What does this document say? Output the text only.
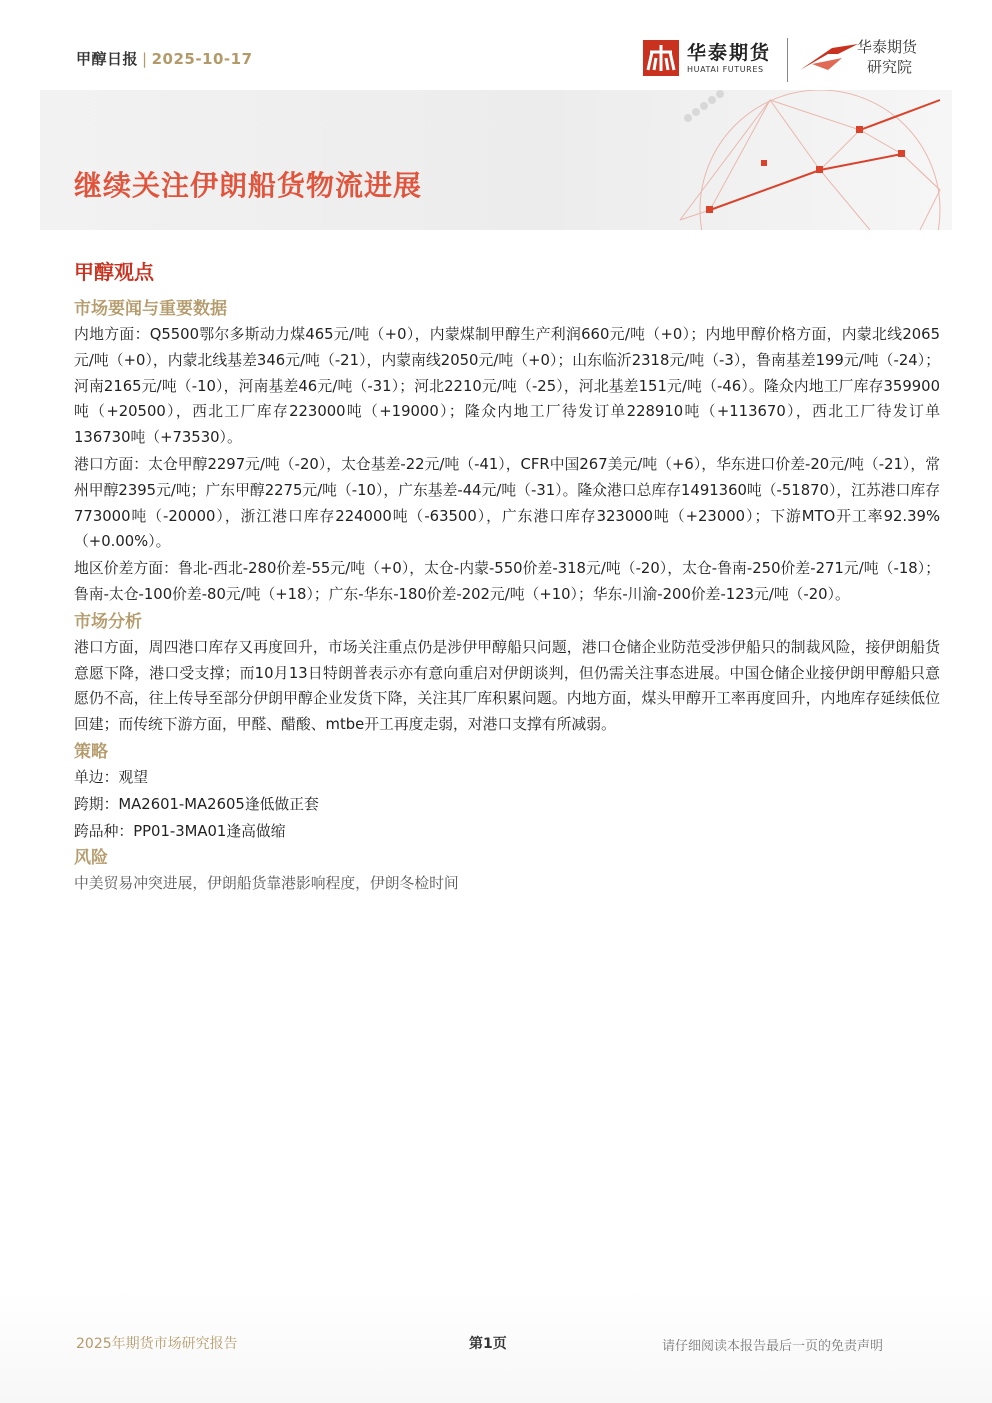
甲醇日报 | 2025-10-17	华泰期货
HUATAI FUTURES
华泰期货
研究院
继续关注伊朗船货物流进展
甲醇观点
市场要闻与重要数据

内地方面：Q5500鄂尔多斯动力煤465元/吨（+0），内蒙煤制甲醇生产利润660元/吨（+0）；内地甲醇价格方面，内蒙北线2065元/吨（+0），内蒙北线基差346元/吨（-21），内蒙南线2050元/吨（+0）；山东临沂2318元/吨（-3），鲁南基差199元/吨（-24）；河南2165元/吨（-10），河南基差46元/吨（-31）；河北2210元/吨（-25），河北基差151元/吨（-46）。隆众内地工厂库存359900吨（+20500），西北工厂库存223000吨（+19000）；隆众内地工厂待发订单228910吨（+113670），西北工厂待发订单136730吨（+73530）。

港口方面：太仓甲醇2297元/吨（-20），太仓基差-22元/吨（-41），CFR中国267美元/吨（+6），华东进口价差-20元/吨（-21），常州甲醇2395元/吨；广东甲醇2275元/吨（-10），广东基差-44元/吨（-31）。隆众港口总库存1491360吨（-51870），江苏港口库存773000吨（-20000），浙江港口库存224000吨（-63500），广东港口库存323000吨（+23000）；下游MTO开工率92.39%（+0.00%）。

地区价差方面：鲁北-西北-280价差-55元/吨（+0），太仓-内蒙-550价差-318元/吨（-20），太仓-鲁南-250价差-271元/吨（-18）；鲁南-太仓-100价差-80元/吨（+18）；广东-华东-180价差-202元/吨（+10）；华东-川渝-200价差-123元/吨（-20）。

市场分析

港口方面，周四港口库存又再度回升，市场关注重点仍是涉伊甲醇船只问题，港口仓储企业防范受涉伊船只的制裁风险，接伊朗船货意愿下降，港口受支撑；而10月13日特朗普表示亦有意向重启对伊朗谈判，但仍需关注事态进展。中国仓储企业接伊朗甲醇船只意愿仍不高，往上传导至部分伊朗甲醇企业发货下降，关注其厂库积累问题。内地方面，煤头甲醇开工率再度回升，内地库存延续低位回建；而传统下游方面，甲醛、醋酸、mtbe开工再度走弱，对港口支撑有所减弱。

策略

单边：观望

跨期：MA2601-MA2605逢低做正套

跨品种：PP01-3MA01逢高做缩

风险

中美贸易冲突进展，伊朗船货靠港影响程度，伊朗冬检时间

2025年期货市场研究报告	第1页	请仔细阅读本报告最后一页的免责声明
